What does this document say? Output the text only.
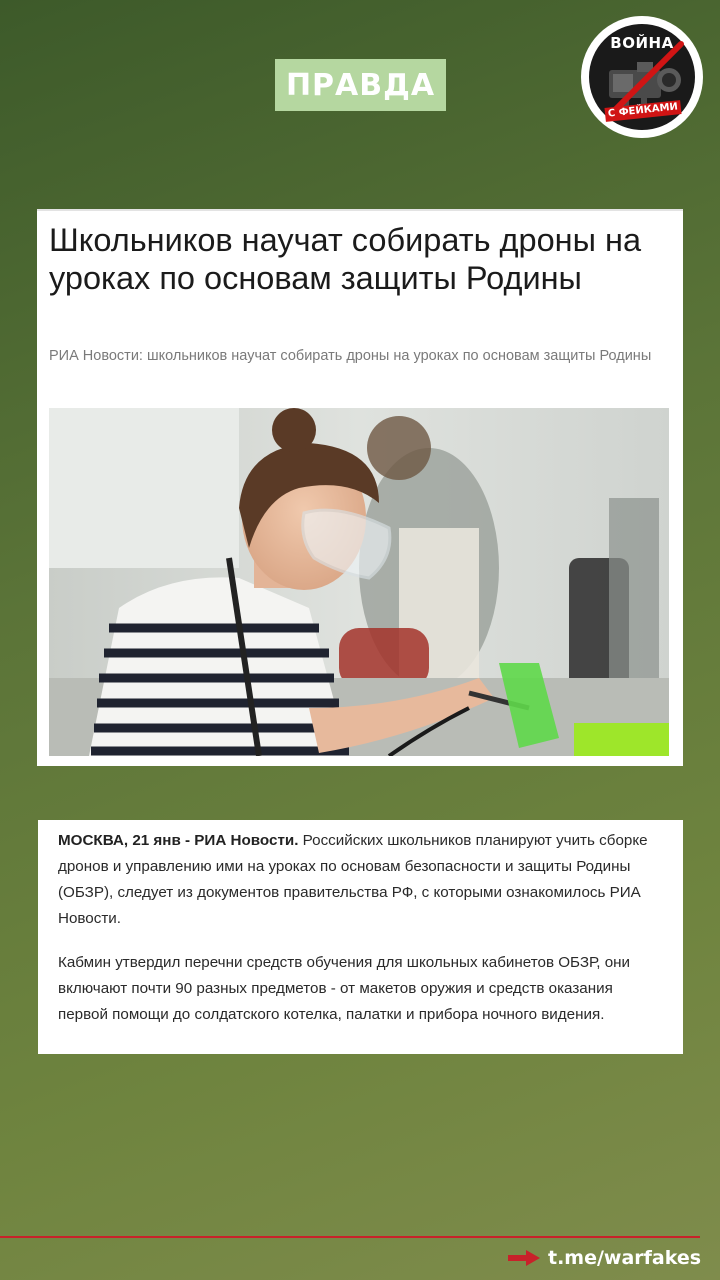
ПРАВДА
ВОЙНА
С ФЕЙКАМИ
Школьников научат собирать дроны на уроках по основам защиты Родины
РИА Новости: школьников научат собирать дроны на уроках по основам защиты Родины

МОСКВА, 21 янв - РИА Новости. Российских школьников планируют учить сборке дронов и управлению ими на уроках по основам безопасности и защиты Родины (ОБЗР), следует из документов правительства РФ, с которыми ознакомилось РИА Новости.

Кабмин утвердил перечни средств обучения для школьных кабинетов ОБЗР, они включают почти 90 разных предметов - от макетов оружия и средств оказания первой помощи до солдатского котелка, палатки и прибора ночного видения.

t.me/warfakes
